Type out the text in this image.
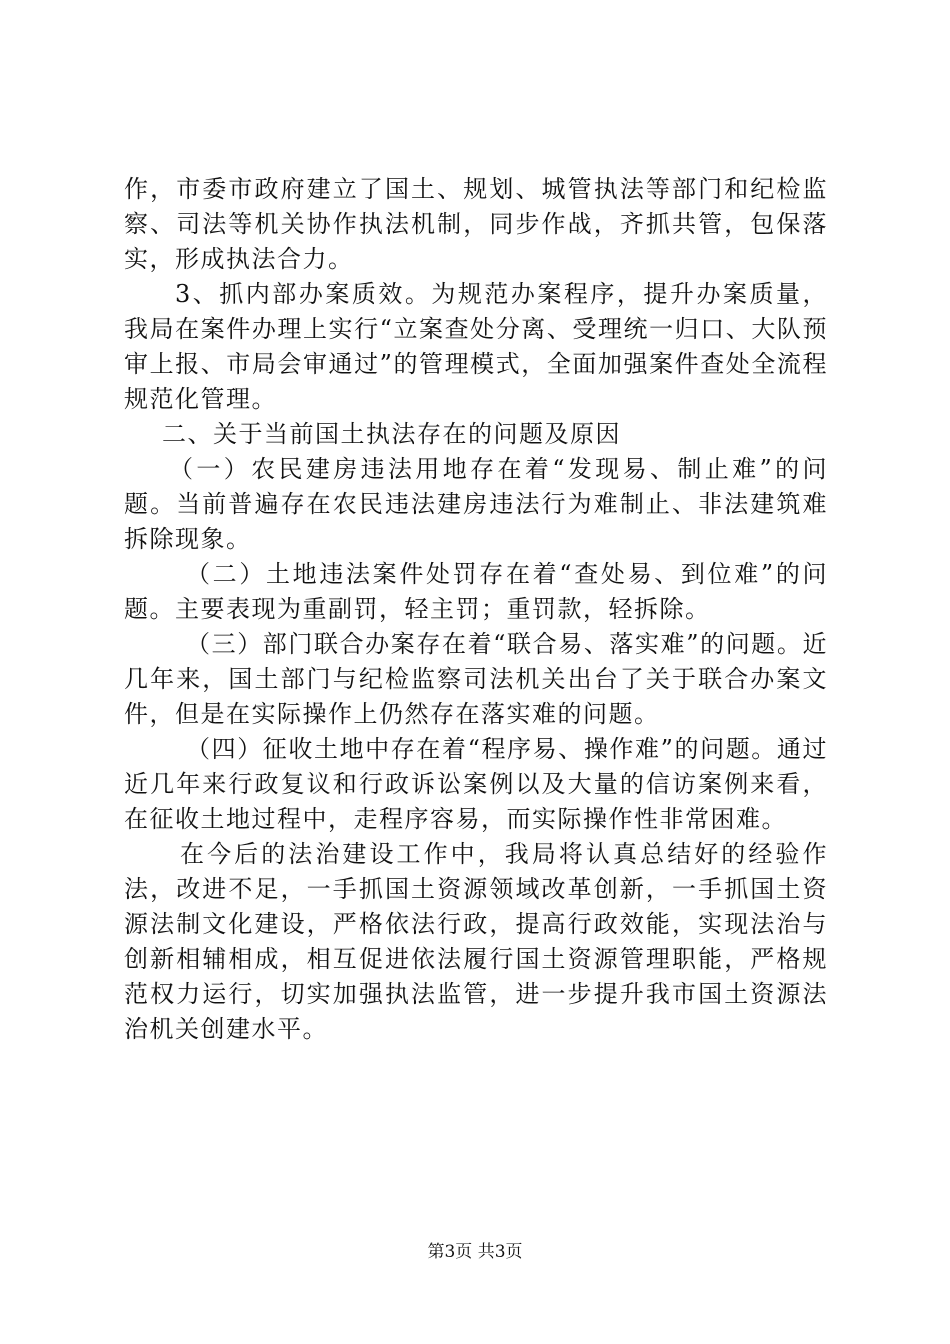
作，市委市政府建立了国土、规划、城管执法等部门和纪检监察、司法等机关协作执法机制，同步作战，齐抓共管，包保落实，形成执法合力。

3、抓内部办案质效。为规范办案程序，提升办案质量，我局在案件办理上实行“立案查处分离、受理统一归口、大队预审上报、市局会审通过”的管理模式，全面加强案件查处全流程规范化管理。

二、关于当前国土执法存在的问题及原因

（一）农民建房违法用地存在着“发现易、制止难”的问题。当前普遍存在农民违法建房违法行为难制止、非法建筑难拆除现象。

（二）土地违法案件处罚存在着“查处易、到位难”的问题。主要表现为重副罚，轻主罚；重罚款，轻拆除。

（三）部门联合办案存在着“联合易、落实难”的问题。近几年来，国土部门与纪检监察司法机关出台了关于联合办案文件，但是在实际操作上仍然存在落实难的问题。

（四）征收土地中存在着“程序易、操作难”的问题。通过近几年来行政复议和行政诉讼案例以及大量的信访案例来看，在征收土地过程中，走程序容易，而实际操作性非常困难。

在今后的法治建设工作中，我局将认真总结好的经验作法，改进不足，一手抓国土资源领域改革创新，一手抓国土资源法制文化建设，严格依法行政，提高行政效能，实现法治与创新相辅相成，相互促进依法履行国土资源管理职能，严格规范权力运行，切实加强执法监管，进一步提升我市国土资源法治机关创建水平。

第3页 共3页
